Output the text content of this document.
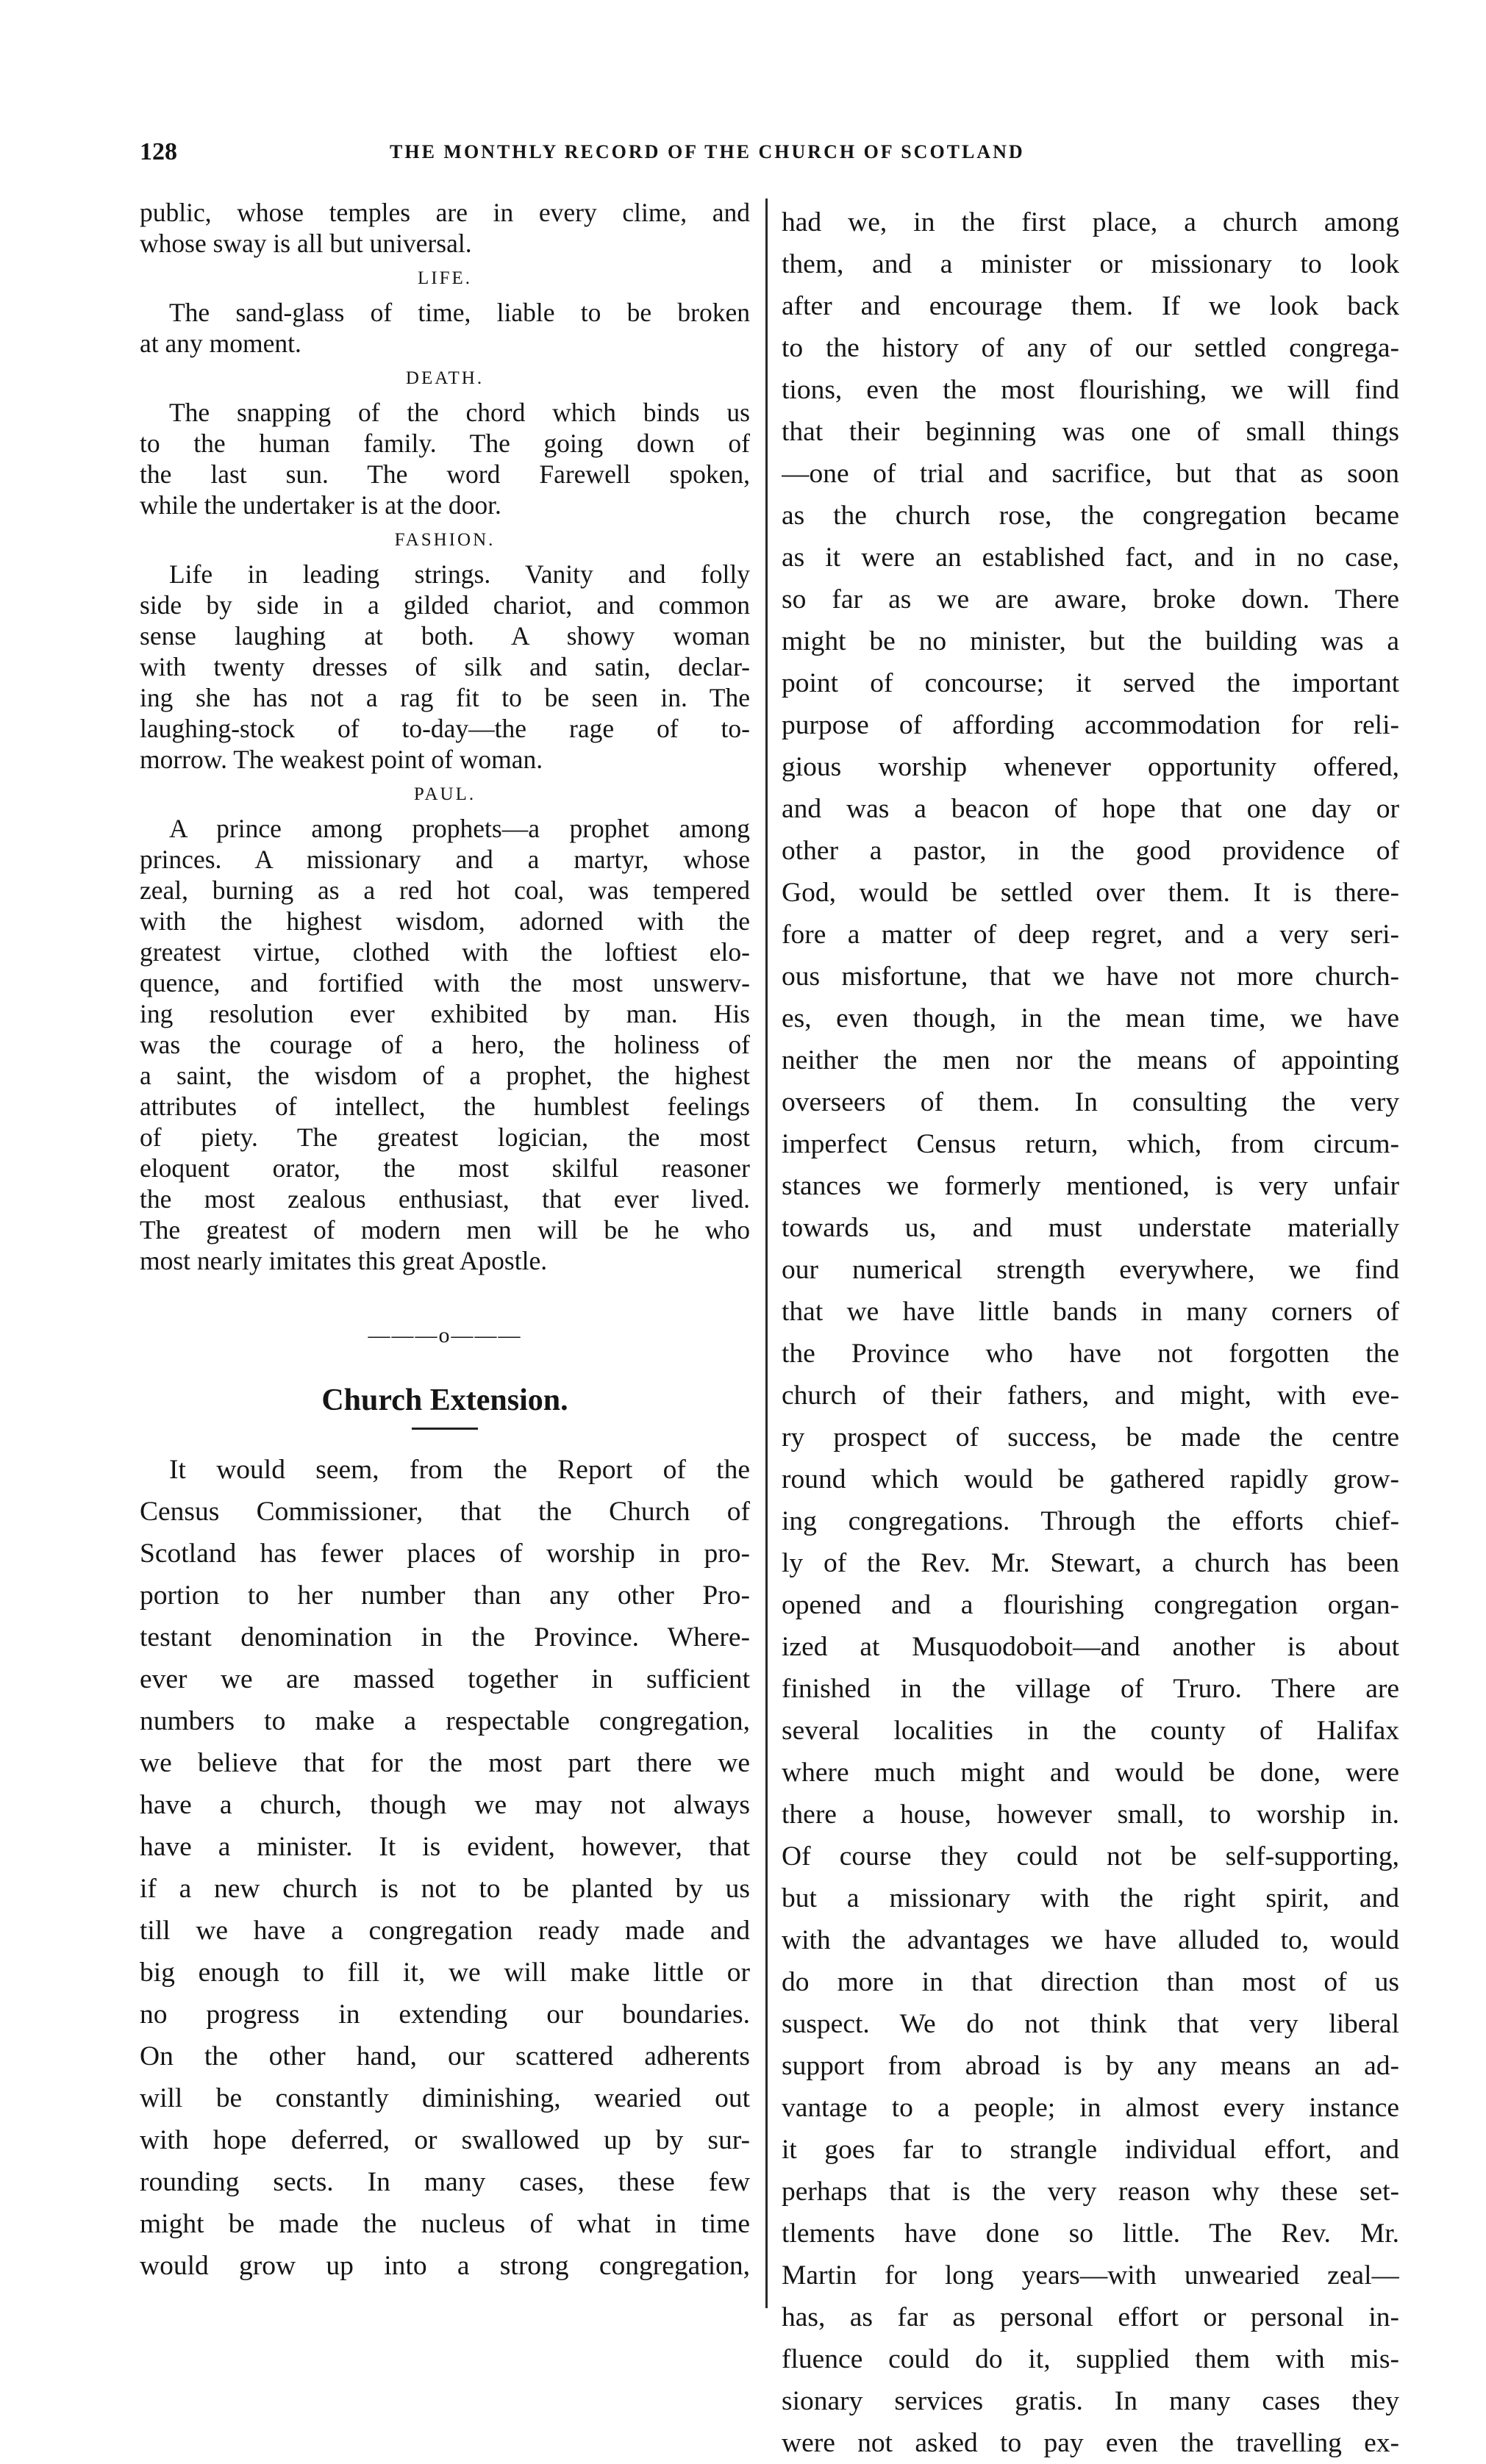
128	THE MONTHLY RECORD OF THE CHURCH OF SCOTLAND
public, whose temples are in every clime, and
whose sway is all but universal.
LIFE.
The sand-glass of time, liable to be broken
at any moment.
DEATH.
The snapping of the chord which binds us
to the human family. The going down of
the last sun. The word Farewell spoken,
while the undertaker is at the door.
FASHION.
Life in leading strings. Vanity and folly
side by side in a gilded chariot, and common
sense laughing at both. A showy woman
with twenty dresses of silk and satin, declar-
ing she has not a rag fit to be seen in. The
laughing-stock of to-day—the rage of to-
morrow. The weakest point of woman.
PAUL.
A prince among prophets—a prophet among
princes. A missionary and a martyr, whose
zeal, burning as a red hot coal, was tempered
with the highest wisdom, adorned with the
greatest virtue, clothed with the loftiest elo-
quence, and fortified with the most unswerv-
ing resolution ever exhibited by man. His
was the courage of a hero, the holiness of
a saint, the wisdom of a prophet, the highest
attributes of intellect, the humblest feelings
of piety. The greatest logician, the most
eloquent orator, the most skilful reasoner
the most zealous enthusiast, that ever lived.
The greatest of modern men will be he who
most nearly imitates this great Apostle.
———o———
Church Extension.
It would seem, from the Report of the
Census Commissioner, that the Church of
Scotland has fewer places of worship in pro-
portion to her number than any other Pro-
testant denomination in the Province. Where-
ever we are massed together in sufficient
numbers to make a respectable congregation,
we believe that for the most part there we
have a church, though we may not always
have a minister. It is evident, however, that
if a new church is not to be planted by us
till we have a congregation ready made and
big enough to fill it, we will make little or
no progress in extending our boundaries.
On the other hand, our scattered adherents
will be constantly diminishing, wearied out
with hope deferred, or swallowed up by sur-
rounding sects. In many cases, these few
might be made the nucleus of what in time
would grow up into a strong congregation,
had we, in the first place, a church among
them, and a minister or missionary to look
after and encourage them. If we look back
to the history of any of our settled congrega-
tions, even the most flourishing, we will find
that their beginning was one of small things
—one of trial and sacrifice, but that as soon
as the church rose, the congregation became
as it were an established fact, and in no case,
so far as we are aware, broke down. There
might be no minister, but the building was a
point of concourse; it served the important
purpose of affording accommodation for reli-
gious worship whenever opportunity offered,
and was a beacon of hope that one day or
other a pastor, in the good providence of
God, would be settled over them. It is there-
fore a matter of deep regret, and a very seri-
ous misfortune, that we have not more church-
es, even though, in the mean time, we have
neither the men nor the means of appointing
overseers of them. In consulting the very
imperfect Census return, which, from circum-
stances we formerly mentioned, is very unfair
towards us, and must understate materially
our numerical strength everywhere, we find
that we have little bands in many corners of
the Province who have not forgotten the
church of their fathers, and might, with eve-
ry prospect of success, be made the centre
round which would be gathered rapidly grow-
ing congregations. Through the efforts chief-
ly of the Rev. Mr. Stewart, a church has been
opened and a flourishing congregation organ-
ized at Musquodoboit—and another is about
finished in the village of Truro. There are
several localities in the county of Halifax
where much might and would be done, were
there a house, however small, to worship in.
Of course they could not be self-supporting,
but a missionary with the right spirit, and
with the advantages we have alluded to, would
do more in that direction than most of us
suspect. We do not think that very liberal
support from abroad is by any means an ad-
vantage to a people; in almost every instance
it goes far to strangle individual effort, and
perhaps that is the very reason why these set-
tlements have done so little. The Rev. Mr.
Martin for long years—with unwearied zeal—
has, as far as personal effort or personal in-
fluence could do it, supplied them with mis-
sionary services gratis. In many cases they
were not asked to pay even the travelling ex-
